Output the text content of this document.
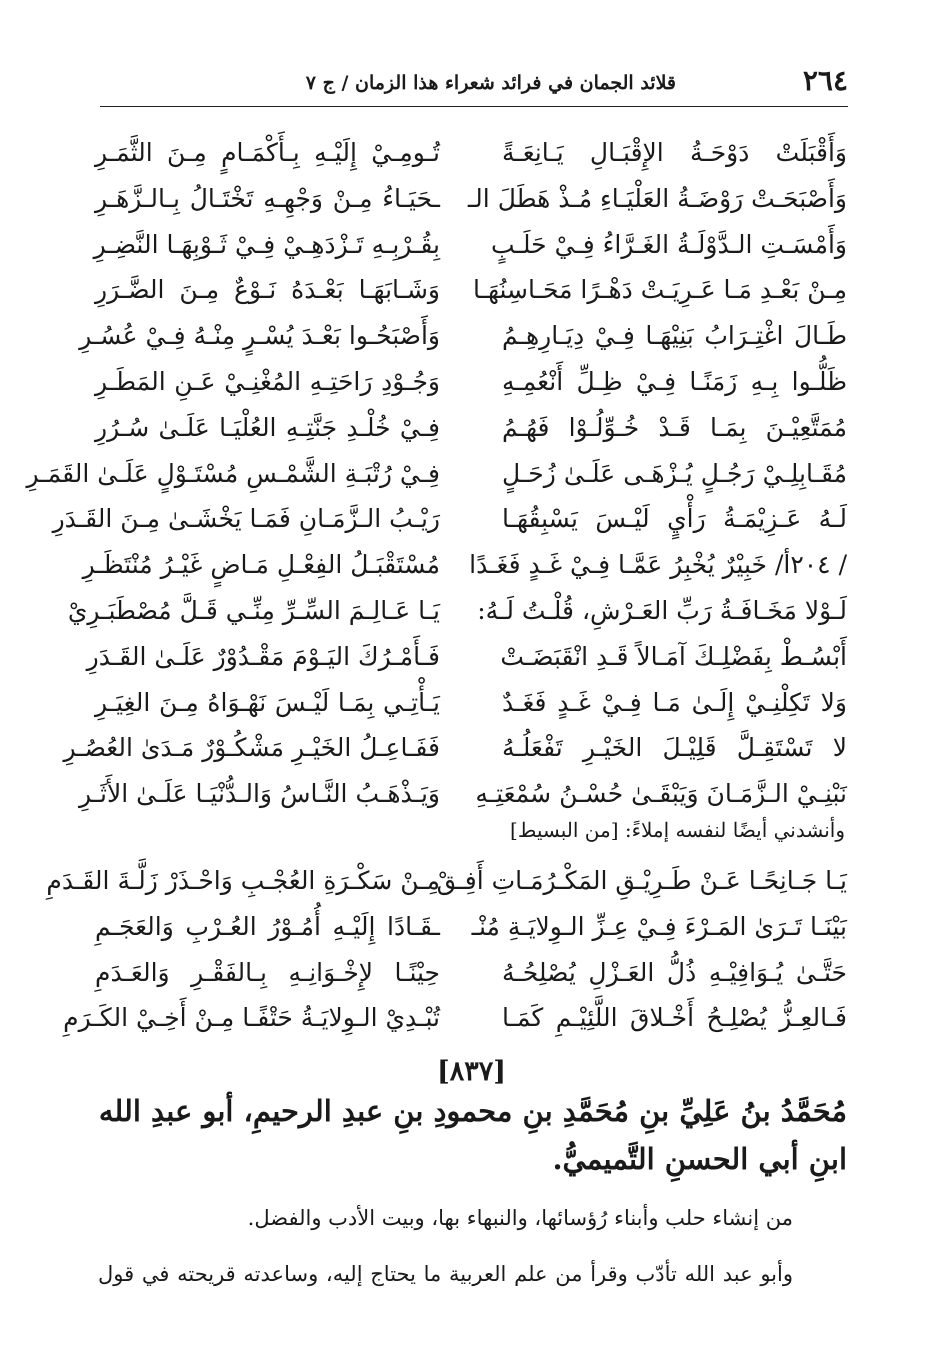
٢٦٤
قلائد الجمان في فرائد شعراء هذا الزمان / ج ٧
وَأَقْبَلَتْ دَوْحَـةُ الإِقْبَـالِ يَـانِعَـةً
تُـومِـيْ إِلَيْـهِ بِـأَكْمَـامٍ مِـنَ الثَّمَـرِ
وَأَصْبَحَـتْ رَوْضَـةُ العَلْيَـاءِ مُـذْ هَطَلَ الـ
ـحَيَـاءُ مِـنْ وَجْهِـهِ تَخْتَـالُ بِـالـزَّهَـرِ
وَأَمْسَـتِ الـدَّوْلَـةُ الغَـرَّاءُ فِـيْ حَلَـبٍ
بِقُـرْبِـهِ تَـزْدَهِـيْ فِـيْ ثَـوْبِهَـا النَّضِـرِ
مِـنْ بَعْـدِ مَـا عَـرِيَـتْ دَهْـرًا مَحَـاسِنُهَـا
وَشَـابَهَـا بَعْـدَهُ نَـوْعٌ مِـنَ الضَّـرَرِ
طَـالَ اغْتِـرَابُ بَنِيْهَـا فِـيْ دِيَـارِهِـمُ
وَأَصْبَحُـوا بَعْـدَ يُسْـرٍ مِنْـهُ فِـيْ عُسُـرِ
ظَلُّـوا بِـهِ زَمَنًـا فِـيْ ظِـلِّ أَنْعُمِـهِ
وَجُـوْدِ رَاحَتِـهِ المُغْنِـيْ عَـنِ المَطَـرِ
مُمَتَّعِيْـنَ بِمَـا قَـدْ خُـوِّلُـوْا فَهُـمُ
فِـيْ خُلْـدِ جَنَّتِـهِ العُلْيَـا عَلَـىٰ سُـرُرِ
مُقَـابِلِـيْ رَجُـلٍ يُـزْهَـى عَلَـىٰ زُحَـلٍ
فِـيْ رُتْبَـةِ الشَّمْـسِ مُسْتَـوْلٍ عَلَـىٰ القَمَـرِ
لَـهُ عَـزِيْمَـةُ رَأْيٍ لَيْـسَ يَسْبِقُهَـا
رَيْـبُ الـزَّمَـانِ فَمَـا يَخْشَـىٰ مِـنَ القَـدَرِ
/ ٢٠٤أ/ خَبِيْرٌ يُخْبِرُ عَمَّـا فِـيْ غَـدٍ فَغَـدًا
مُسْتَقْبَـلُ الفِعْـلِ مَـاضٍ غَيْـرُ مُنْتَظَـرِ
لَـوْلا مَخَـافَـةُ رَبِّ العَـرْشِ، قُلْـتُ لَـهُ:
يَـا عَـالِـمَ السِّـرِّ مِنِّـي قَـلَّ مُصْطَبَـرِيْ
أَبْسُـطْ بِفَضْلِـكَ آمَـالاً قَـدِ انْقَبَضَـتْ
فَـأَمْـرُكَ اليَـوْمَ مَقْـدُوْرٌ عَلَـىٰ القَـدَرِ
وَلا تَكِلْنِـيْ إِلَـىٰ مَـا فِـيْ غَـدٍ فَغَـدٌ
يَـأْتِـي بِمَـا لَيْـسَ نَهْـوَاهُ مِـنَ الغِيَـرِ
لا تَسْتَقِـلَّ قَلِيْـلَ الخَيْـرِ تَفْعَلُـهُ
فَفَـاعِـلُ الخَيْـرِ مَشْكُـوْرٌ مَـدَىٰ العُصُـرِ
نَبْنِـيْ الـزَّمَـانَ وَيَبْقَـىٰ حُسْـنُ سُمْعَتِـهِ
وَيَـذْهَـبُ النَّـاسُ وَالـدُّنْيَـا عَلَـىٰ الأَثَـرِ
وأنشدني أيضًا لنفسه إملاءً: [من البسيط]
يَـا جَـانِحًـا عَـنْ طَـرِيْـقِ المَكْـرُمَـاتِ أَفِـقْ
مِـنْ سَكْـرَةِ العُجْـبِ وَاحْـذَرْ زَلَّـةَ القَـدَمِ
بَيْنَـا تَـرَىٰ المَـرْءَ فِـيْ عِـزِّ الـوِلايَـةِ مُنْـ
ـقَـادًا إِلَيْـهِ أُمُـوْرُ العُـرْبِ وَالعَجَـمِ
حَتَّـىٰ يُـوَافِيْـهِ ذُلُّ العَـزْلِ يُصْلِحُـهُ
حِيْنًـا لإِخْـوَانِـهِ بِـالفَقْـرِ وَالعَـدَمِ
فَـالعِـزُّ يُصْلِـحُ أَخْـلاقَ اللَّئِيْـمِ كَمَـا
تُبْـدِيْ الـوِلايَـةُ حَتْفًـا مِـنْ أَخِـيْ الكَـرَمِ
[٨٣٧]
مُحَمَّدُ بنُ عَلِيِّ بنِ مُحَمَّدِ بنِ محمودِ بنِ عبدِ الرحيمِ، أبو عبدِ الله
ابنِ أبي الحسنِ التَّميميُّ.
من إنشاء حلب وأبناء رُؤسائها، والنبهاء بها، وبيت الأدب والفضل.
وأبو عبد الله تأدّب وقرأ من علم العربية ما يحتاج إليه، وساعدته قريحته في قول
